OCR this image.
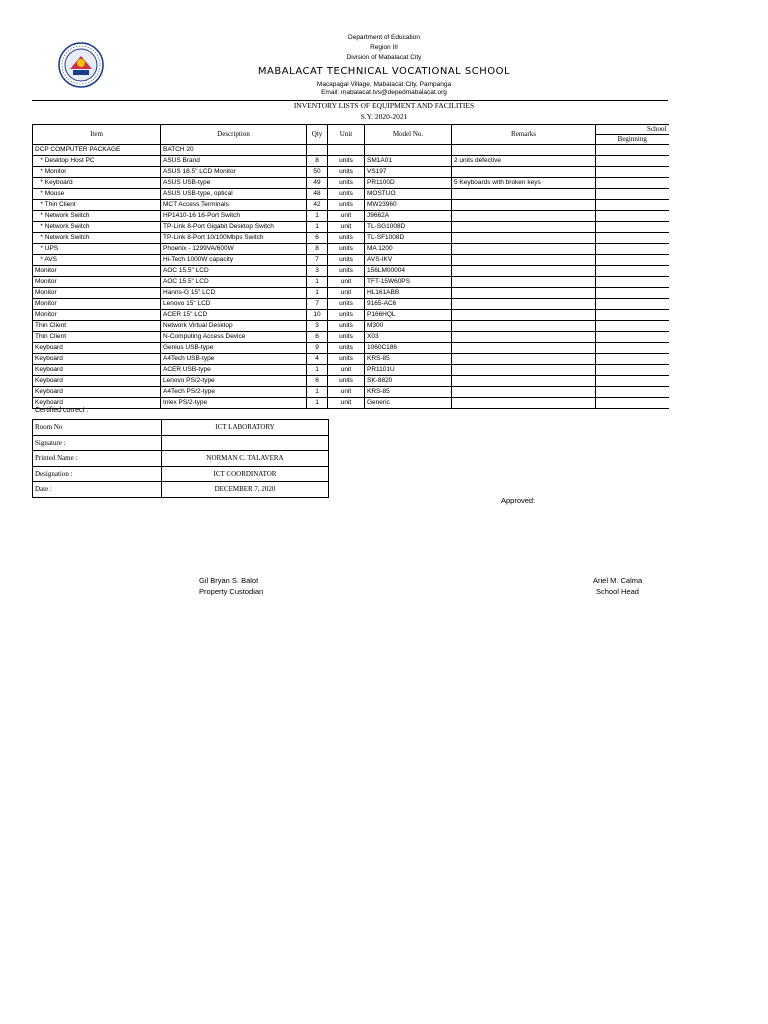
Department of Education
Region III
Division of Mabalacat City
MABALACAT TECHNICAL VOCATIONAL SCHOOL
Macapagal Village, Mabalacat City, Pampanga
Email: mabalacat.tvs@depedmabalacat.org
INVENTORY LISTS OF EQUIPMENT AND FACILITIES
S.Y. 2020-2021
Item	Description	Qty	Unit	Model No.	Remarks	School
						Beginning
DCP COMPUTER PACKAGE	BATCH 20					
* Desktop Host PC	ASUS Brand	8	units	SM1A01	2 units defective	
* Monitor	ASUS 18.5" LCD Monitor	50	units	VS197		
* Keyboard	ASUS USB-type	49	units	PR1100D	5 Keyboards with broken keys	
* Mouse	ASUS USB-type, optical	48	units	MOSTUO		
* Thin Client	MCT Access Terminals	42	units	MW23960		
* Network Switch	HP1410-16 16-Port Switch	1	unit	J9662A		
* Network Switch	TP-Link 8-Port Gigabit Desktop Switch	1	unit	TL-SG1008D		
* Network Switch	TP-Link 8-Port 10/100Mbps Switch	6	units	TL-SF1008D		
* UPS	Phoenix - 1299VA/600W	8	units	MA 1200		
* AVS	Hi-Tech 1000W capacity	7	units	AVS-IKV		
Monitor	AOC 15.5" LCD	3	units	156LM00004		
Monitor	AOC 15.5" LCD	1	unit	TFT-15W60PS		
Monitor	Hanns-G 15" LCD	1	unit	HL161ABB		
Monitor	Lenovo 15" LCD	7	units	9165-AC6		
Monitor	ACER 15" LCD	10	units	P166HQL		
Thin Client	Network Virtual Desktop	3	units	M300		
Thin Client	N-Computing Access Device	6	units	X03		
Keyboard	Genius USB-type	9	units	1060C186		
Keyboard	A4Tech USB-type	4	units	KRS-85		
Keyboard	ACER USB-type	1	unit	PR1101U		
Keyboard	Lenovo PS/2-type	6	units	SK-8820		
Keyboard	A4Tech PS/2-type	1	unit	KRS-85		
Keyboard	Inlex PS/2-type	1	unit	Generic		
Certified correct :
Room No	ICT LABORATORY
Signature :	
Printed Name :	NORMAN C. TALAVERA
Designation :	ICT COORDINATOR
Date :	DECEMBER 7, 2020
Approved:
Gil Bryan S. Balot
Property Custodian
Ariel M. Calma
School Head
